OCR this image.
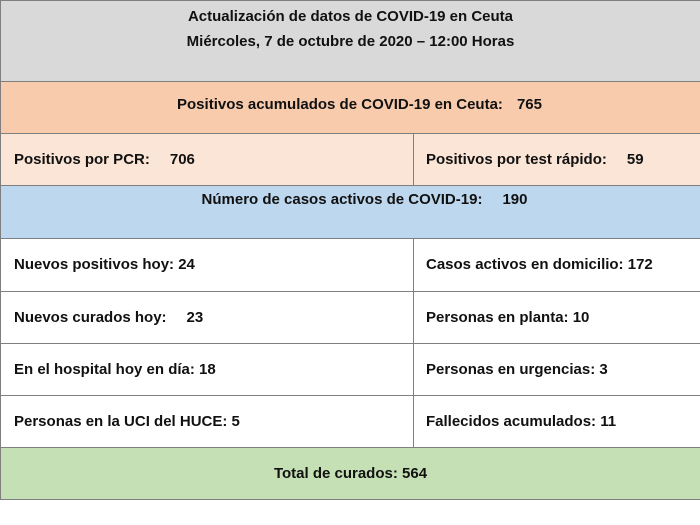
Actualización de datos de COVID-19 en Ceuta
Miércoles, 7 de octubre de 2020 – 12:00 Horas	

Positivos acumulados de COVID-19 en Ceuta: 765	

Positivos por PCR: 706	Positivos por test rápido: 59

Número de casos activos de COVID-19: 190	

Nuevos positivos hoy: 24	Casos activos en domicilio: 172
Nuevos curados hoy: 23	Personas en planta: 10
En el hospital hoy en día: 18	Personas en urgencias: 3
Personas en la UCI del HUCE: 5	Fallecidos acumulados: 11
Total de curados: 564	
